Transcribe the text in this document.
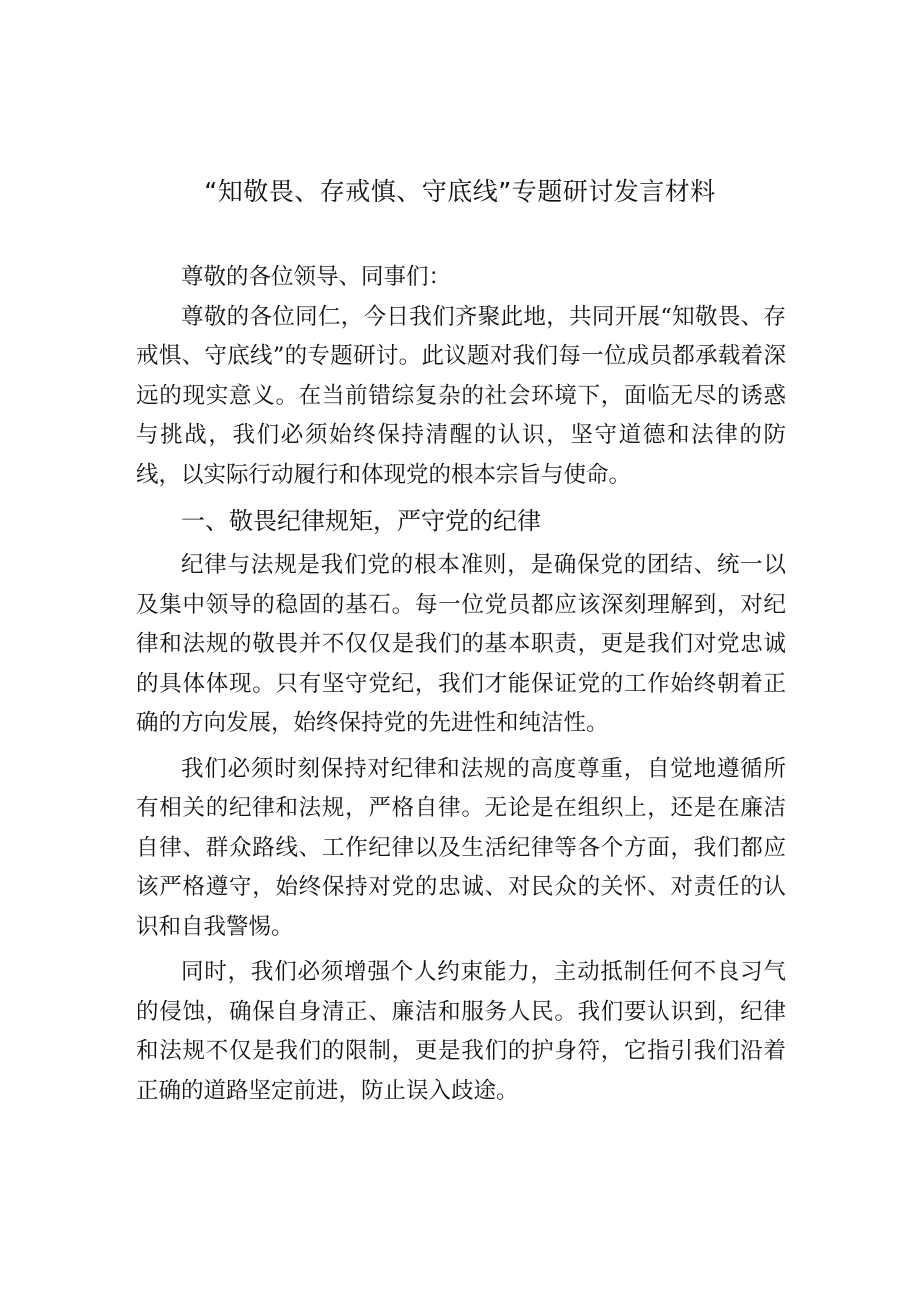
“知敬畏、存戒慎、守底线”专题研讨发言材料

尊敬的各位领导、同事们：

尊敬的各位同仁，今日我们齐聚此地，共同开展“知敬畏、存戒惧、守底线”的专题研讨。此议题对我们每一位成员都承载着深远的现实意义。在当前错综复杂的社会环境下，面临无尽的诱惑与挑战，我们必须始终保持清醒的认识，坚守道德和法律的防线，以实际行动履行和体现党的根本宗旨与使命。

一、敬畏纪律规矩，严守党的纪律

纪律与法规是我们党的根本准则，是确保党的团结、统一以及集中领导的稳固的基石。每一位党员都应该深刻理解到，对纪律和法规的敬畏并不仅仅是我们的基本职责，更是我们对党忠诚的具体体现。只有坚守党纪，我们才能保证党的工作始终朝着正确的方向发展，始终保持党的先进性和纯洁性。

我们必须时刻保持对纪律和法规的高度尊重，自觉地遵循所有相关的纪律和法规，严格自律。无论是在组织上，还是在廉洁自律、群众路线、工作纪律以及生活纪律等各个方面，我们都应该严格遵守，始终保持对党的忠诚、对民众的关怀、对责任的认识和自我警惕。

同时，我们必须增强个人约束能力，主动抵制任何不良习气的侵蚀，确保自身清正、廉洁和服务人民。我们要认识到，纪律和法规不仅是我们的限制，更是我们的护身符，它指引我们沿着正确的道路坚定前进，防止误入歧途。
